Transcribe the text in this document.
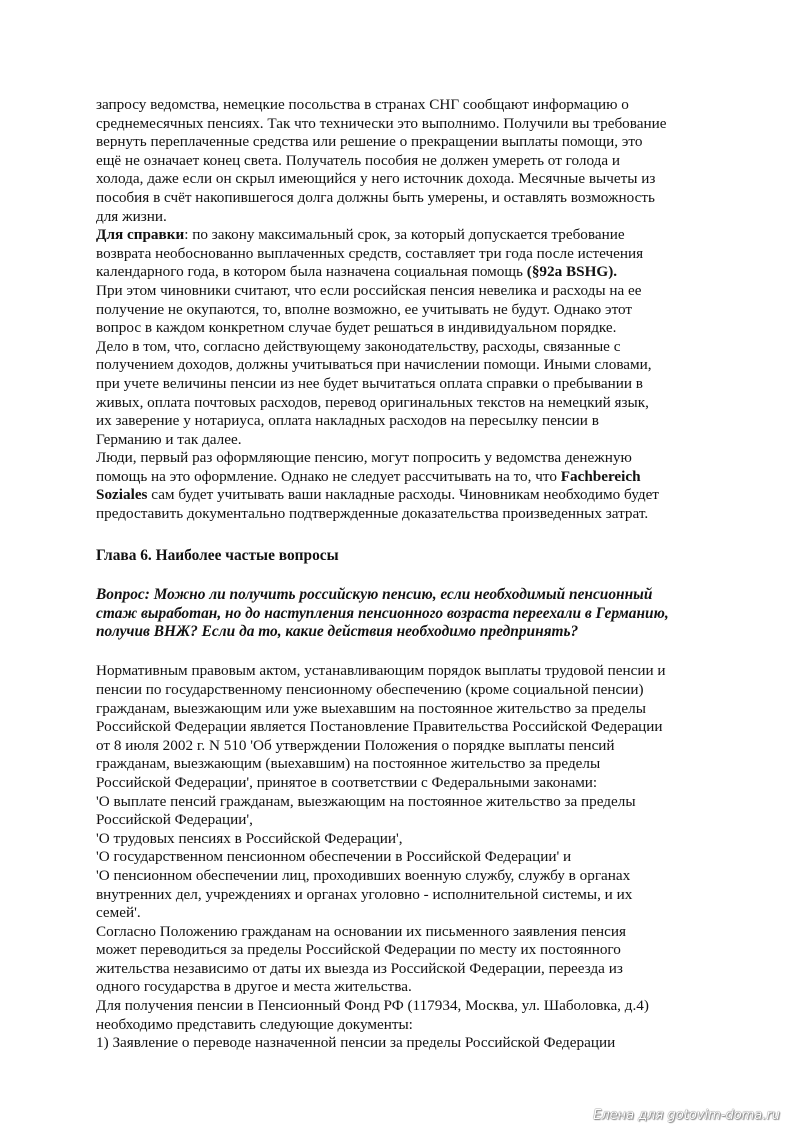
запросу ведомства, немецкие посольства в странах СНГ сообщают информацию о
среднемесячных пенсиях. Так что технически это выполнимо. Получили вы требование
вернуть переплаченные средства или решение о прекращении выплаты помощи, это
ещё не означает конец света. Получатель пособия не должен умереть от голода и
холода, даже если он скрыл имеющийся у него источник дохода. Месячные вычеты из
пособия в счёт накопившегося долга должны быть умерены, и оставлять возможность
для жизни.
Для справки: по закону максимальный срок, за который допускается требование
возврата необоснованно выплаченных средств, составляет три года после истечения
календарного года, в котором была назначена социальная помощь (§92a BSHG).
При этом чиновники считают, что если российская пенсия невелика и расходы на ее
получение не окупаются, то, вполне возможно, ее учитывать не будут. Однако этот
вопрос в каждом конкретном случае будет решаться в индивидуальном порядке.
Дело в том, что, согласно действующему законодательству, расходы, связанные с
получением доходов, должны учитываться при начислении помощи. Иными словами,
при учете величины пенсии из нее будет вычитаться оплата справки о пребывании в
живых, оплата почтовых расходов, перевод оригинальных текстов на немецкий язык,
их заверение у нотариуса, оплата накладных расходов на пересылку пенсии в
Германию и так далее.
Люди, первый раз оформляющие пенсию, могут попросить у ведомства денежную
помощь на это оформление. Однако не следует рассчитывать на то, что Fachbereich
Soziales сам будет учитывать ваши накладные расходы. Чиновникам необходимо будет
предоставить документально подтвержденные доказательства произведенных затрат.
Глава 6. Наиболее частые вопросы
Вопрос: Можно ли получить российскую пенсию, если необходимый пенсионный
стаж выработан, но до наступления пенсионного возраста переехали в Германию,
получив ВНЖ? Если да то, какие действия необходимо предпринять?
Нормативным правовым актом, устанавливающим порядок выплаты трудовой пенсии и
пенсии по государственному пенсионному обеспечению (кроме социальной пенсии)
гражданам, выезжающим или уже выехавшим на постоянное жительство за пределы
Российской Федерации является Постановление Правительства Российской Федерации
от 8 июля 2002 г. N 510 'Об утверждении Положения о порядке выплаты пенсий
гражданам, выезжающим (выехавшим) на постоянное жительство за пределы
Российской Федерации', принятое в соответствии с Федеральными законами:
'О выплате пенсий гражданам, выезжающим на постоянное жительство за пределы
Российской Федерации',
'О трудовых пенсиях в Российской Федерации',
'О государственном пенсионном обеспечении в Российской Федерации' и
'О пенсионном обеспечении лиц, проходивших военную службу, службу в органах
внутренних дел, учреждениях и органах уголовно - исполнительной системы, и их
семей'.
Согласно Положению гражданам на основании их письменного заявления пенсия
может переводиться за пределы Российской Федерации по месту их постоянного
жительства независимо от даты их выезда из Российской Федерации, переезда из
одного государства в другое и места жительства.
Для получения пенсии в Пенсионный Фонд РФ (117934, Москва, ул. Шаболовка, д.4)
необходимо представить следующие документы:
1) Заявление о переводе назначенной пенсии за пределы Российской Федерации
Елена для gotovim-doma.ru
